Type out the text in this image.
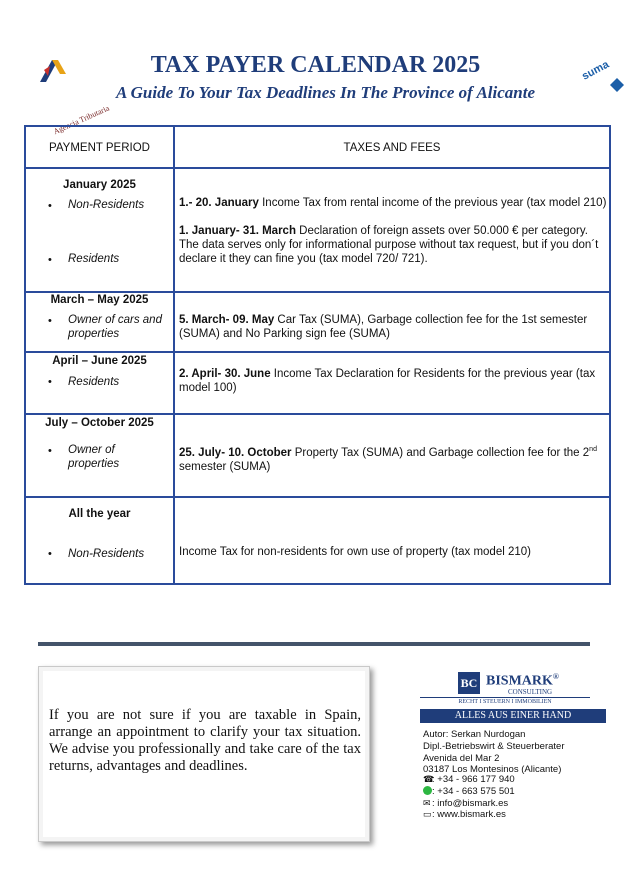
Agencia Tributaria
TAX PAYER CALENDAR 2025
A Guide To Your Tax Deadlines In The Province of Alicante
suma
PAYMENT PERIOD	TAXES AND FEES
January 2025
• Non-Residents
• Residents
1.- 20. January Income Tax from rental income of the previous year (tax model 210)
1. January- 31. March Declaration of foreign assets over 50.000 € per category. The data serves only for informational purpose without tax request, but if you don´t declare it they can fine you (tax model 720/ 721).
March – May 2025
• Owner of cars and properties
5. March- 09. May Car Tax (SUMA), Garbage collection fee for the 1st semester (SUMA) and No Parking sign fee (SUMA)
April – June 2025
• Residents
2. April- 30. June Income Tax Declaration for Residents for the previous year (tax model 100)
July – October 2025
• Owner of properties
25. July- 10. October Property Tax (SUMA) and Garbage collection fee for the 2nd semester (SUMA)
All the year
• Non-Residents	Income Tax for non-residents for own use of property (tax model 210)
If you are not sure if you are taxable in Spain, arrange an appointment to clarify your tax situation. We advise you professionally and take care of the tax returns, advantages and deadlines.
BC BISMARK®
CONSULTING
RECHT I STEUERN I IMMOBILIEN
ALLES AUS EINER HAND
Autor: Serkan Nurdogan
Dipl.-Betriebswirt & Steuerberater
Avenida del Mar 2
03187 Los Montesinos (Alicante)
☎
: +34 - 966 177 940
: +34 - 663 575 501
✉ : info@bismark.es
▭ : www.bismark.es
